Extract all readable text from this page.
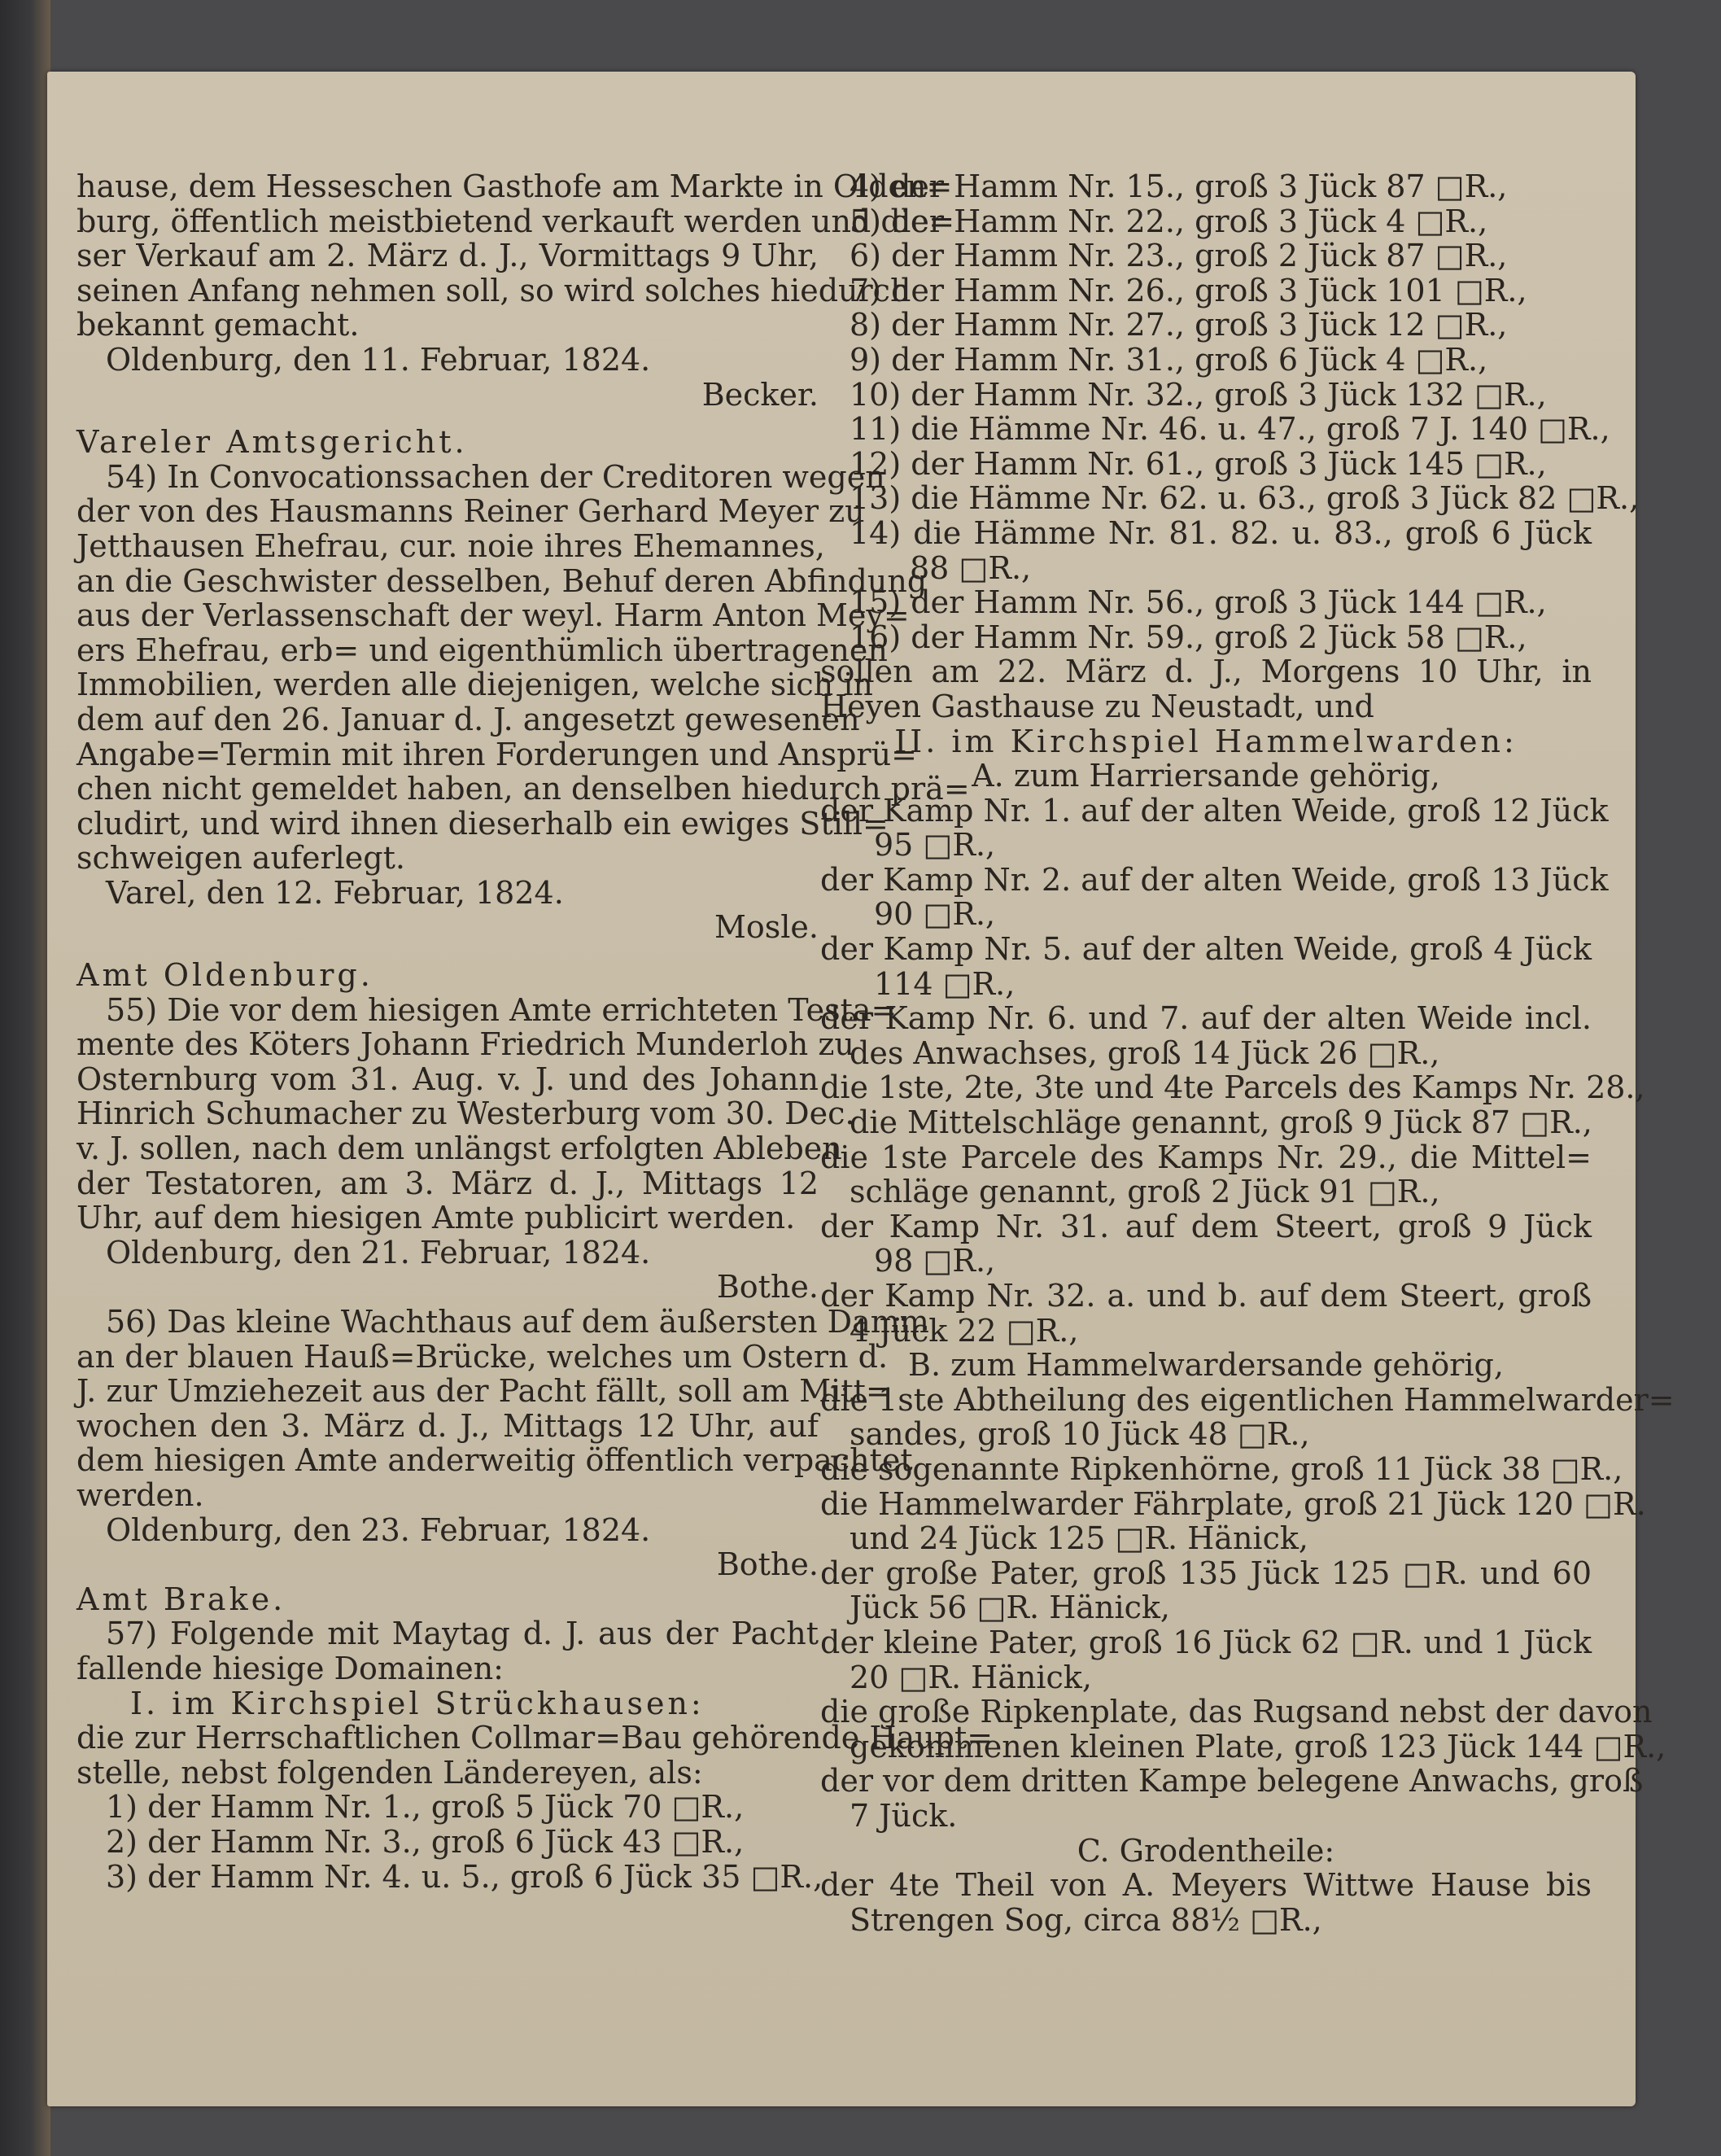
hause, dem Hesseschen Gasthofe am Markte in Olden=
burg, öffentlich meistbietend verkauft werden und die=
ser Verkauf am 2. März d. J., Vormittags 9 Uhr,
seinen Anfang nehmen soll, so wird solches hiedurch
bekannt gemacht.
Oldenburg, den 11. Februar, 1824.
Becker.
Vareler Amtsgericht.
54) In Convocationssachen der Creditoren wegen
der von des Hausmanns Reiner Gerhard Meyer zu
Jetthausen Ehefrau, cur. noie ihres Ehemannes,
an die Geschwister desselben, Behuf deren Abfindung
aus der Verlassenschaft der weyl. Harm Anton Mey=
ers Ehefrau, erb= und eigenthümlich übertragenen
Immobilien, werden alle diejenigen, welche sich in
dem auf den 26. Januar d. J. angesetzt gewesenen
Angabe=Termin mit ihren Forderungen und Ansprü=
chen nicht gemeldet haben, an denselben hiedurch prä=
cludirt, und wird ihnen dieserhalb ein ewiges Still=
schweigen auferlegt.
Varel, den 12. Februar, 1824.
Mosle.
Amt Oldenburg.
55) Die vor dem hiesigen Amte errichteten Testa=
mente des Köters Johann Friedrich Munderloh zu
Osternburg vom 31. Aug. v. J. und des Johann
Hinrich Schumacher zu Westerburg vom 30. Dec.
v. J. sollen, nach dem unlängst erfolgten Ableben
der Testatoren, am 3. März d. J., Mittags 12
Uhr, auf dem hiesigen Amte publicirt werden.
Oldenburg, den 21. Februar, 1824.
Bothe.
56) Das kleine Wachthaus auf dem äußersten Damm
an der blauen Hauß=Brücke, welches um Ostern d.
J. zur Umziehezeit aus der Pacht fällt, soll am Mitt=
wochen den 3. März d. J., Mittags 12 Uhr, auf
dem hiesigen Amte anderweitig öffentlich verpachtet
werden.
Oldenburg, den 23. Februar, 1824.
Bothe.
Amt Brake.
57) Folgende mit Maytag d. J. aus der Pacht
fallende hiesige Domainen:
I. im Kirchspiel Strückhausen:
die zur Herrschaftlichen Collmar=Bau gehörende Haupt=
stelle, nebst folgenden Ländereyen, als:
1) der Hamm Nr. 1., groß 5 Jück 70 □R.,
2) der Hamm Nr. 3., groß 6 Jück 43 □R.,
3) der Hamm Nr. 4. u. 5., groß 6 Jück 35 □R.,
4) der Hamm Nr. 15., groß 3 Jück 87 □R.,
5) der Hamm Nr. 22., groß 3 Jück 4 □R.,
6) der Hamm Nr. 23., groß 2 Jück 87 □R.,
7) der Hamm Nr. 26., groß 3 Jück 101 □R.,
8) der Hamm Nr. 27., groß 3 Jück 12 □R.,
9) der Hamm Nr. 31., groß 6 Jück 4 □R.,
10) der Hamm Nr. 32., groß 3 Jück 132 □R.,
11) die Hämme Nr. 46. u. 47., groß 7 J. 140 □R.,
12) der Hamm Nr. 61., groß 3 Jück 145 □R.,
13) die Hämme Nr. 62. u. 63., groß 3 Jück 82 □R.,
14) die Hämme Nr. 81. 82. u. 83., groß 6 Jück
88 □R.,
15) der Hamm Nr. 56., groß 3 Jück 144 □R.,
16) der Hamm Nr. 59., groß 2 Jück 58 □R.,
sollen am 22. März d. J., Morgens 10 Uhr, in
Heyen Gasthause zu Neustadt, und
II. im Kirchspiel Hammelwarden:
A. zum Harriersande gehörig,
der Kamp Nr. 1. auf der alten Weide, groß 12 Jück
95 □R.,
der Kamp Nr. 2. auf der alten Weide, groß 13 Jück
90 □R.,
der Kamp Nr. 5. auf der alten Weide, groß 4 Jück
114 □R.,
der Kamp Nr. 6. und 7. auf der alten Weide incl.
des Anwachses, groß 14 Jück 26 □R.,
die 1ste, 2te, 3te und 4te Parcels des Kamps Nr. 28.,
die Mittelschläge genannt, groß 9 Jück 87 □R.,
die 1ste Parcele des Kamps Nr. 29., die Mittel=
schläge genannt, groß 2 Jück 91 □R.,
der Kamp Nr. 31. auf dem Steert, groß 9 Jück
98 □R.,
der Kamp Nr. 32. a. und b. auf dem Steert, groß
4 Jück 22 □R.,
B. zum Hammelwardersande gehörig,
die 1ste Abtheilung des eigentlichen Hammelwarder=
sandes, groß 10 Jück 48 □R.,
die sogenannte Ripkenhörne, groß 11 Jück 38 □R.,
die Hammelwarder Fährplate, groß 21 Jück 120 □R.
und 24 Jück 125 □R. Hänick,
der große Pater, groß 135 Jück 125 □R. und 60
Jück 56 □R. Hänick,
der kleine Pater, groß 16 Jück 62 □R. und 1 Jück
20 □R. Hänick,
die große Ripkenplate, das Rugsand nebst der davon
gekommenen kleinen Plate, groß 123 Jück 144 □R.,
der vor dem dritten Kampe belegene Anwachs, groß
7 Jück.
C. Grodentheile:
der 4te Theil von A. Meyers Wittwe Hause bis
Strengen Sog, circa 88½ □R.,
